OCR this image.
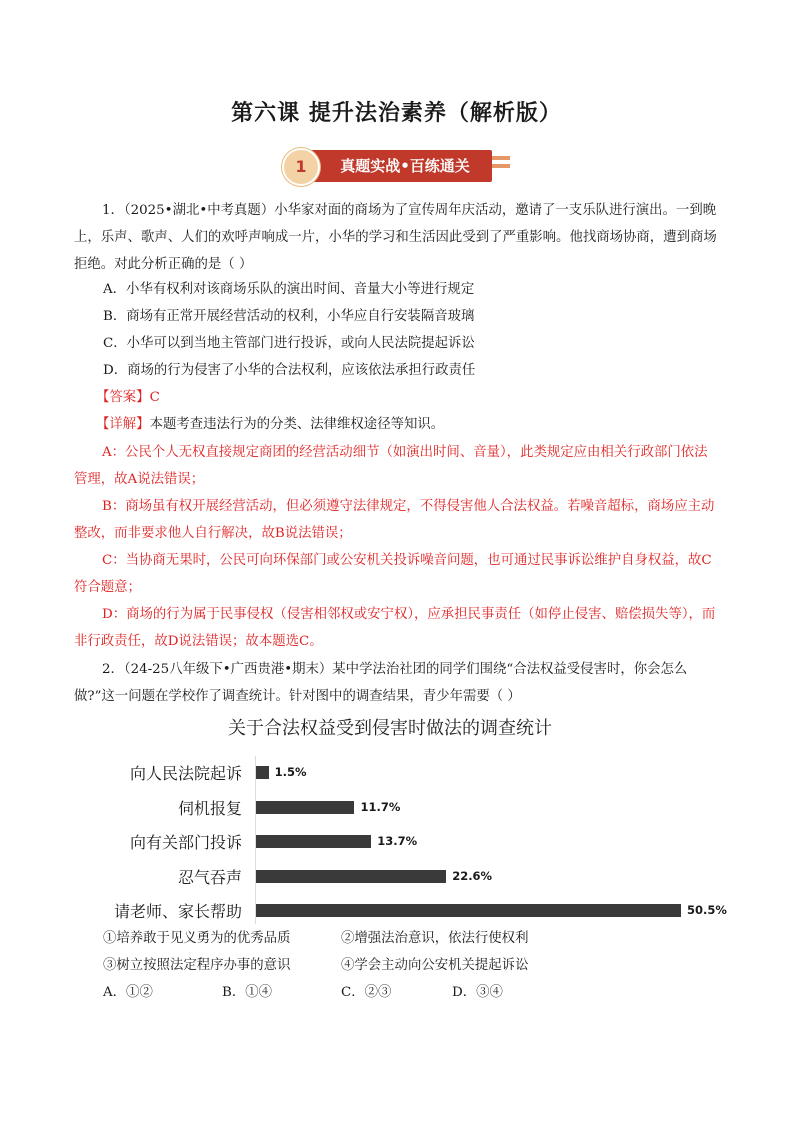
第六课 提升法治素养（解析版）
1	真题实战•百练通关
1．（2025•湖北•中考真题）小华家对面的商场为了宣传周年庆活动，邀请了一支乐队进行演出。一到晚上，乐声、歌声、人们的欢呼声响成一片，小华的学习和生活因此受到了严重影响。他找商场协商，遭到商场拒绝。对此分析正确的是（ ）
A．小华有权利对该商场乐队的演出时间、音量大小等进行规定
B．商场有正常开展经营活动的权利，小华应自行安装隔音玻璃
C．小华可以到当地主管部门进行投诉，或向人民法院提起诉讼
D．商场的行为侵害了小华的合法权利，应该依法承担行政责任
【答案】C
【详解】本题考查违法行为的分类、法律维权途径等知识。
A：公民个人无权直接规定商团的经营活动细节（如演出时间、音量），此类规定应由相关行政部门依法管理，故A说法错误；
B：商场虽有权开展经营活动，但必须遵守法律规定，不得侵害他人合法权益。若噪音超标，商场应主动整改，而非要求他人自行解决，故B说法错误；
C：当协商无果时，公民可向环保部门或公安机关投诉噪音问题，也可通过民事诉讼维护自身权益，故C符合题意；
D：商场的行为属于民事侵权（侵害相邻权或安宁权），应承担民事责任（如停止侵害、赔偿损失等），而非行政责任，故D说法错误；故本题选C。
2．（24-25八年级下•广西贵港•期末）某中学法治社团的同学们围绕“合法权益受侵害时，你会怎么做?”这一问题在学校作了调查统计。针对图中的调查结果，青少年需要（ ）
关于合法权益受到侵害时做法的调查统计
向人民法院起诉	1.5%
伺机报复	11.7%
向有关部门投诉	13.7%
忍气吞声	22.6%
请老师、家长帮助	50.5%
①培养敢于见义勇为的优秀品质	②增强法治意识，依法行使权利
③树立按照法定程序办事的意识	④学会主动向公安机关提起诉讼
A．①②	B．①④	C．②③	D．③④
